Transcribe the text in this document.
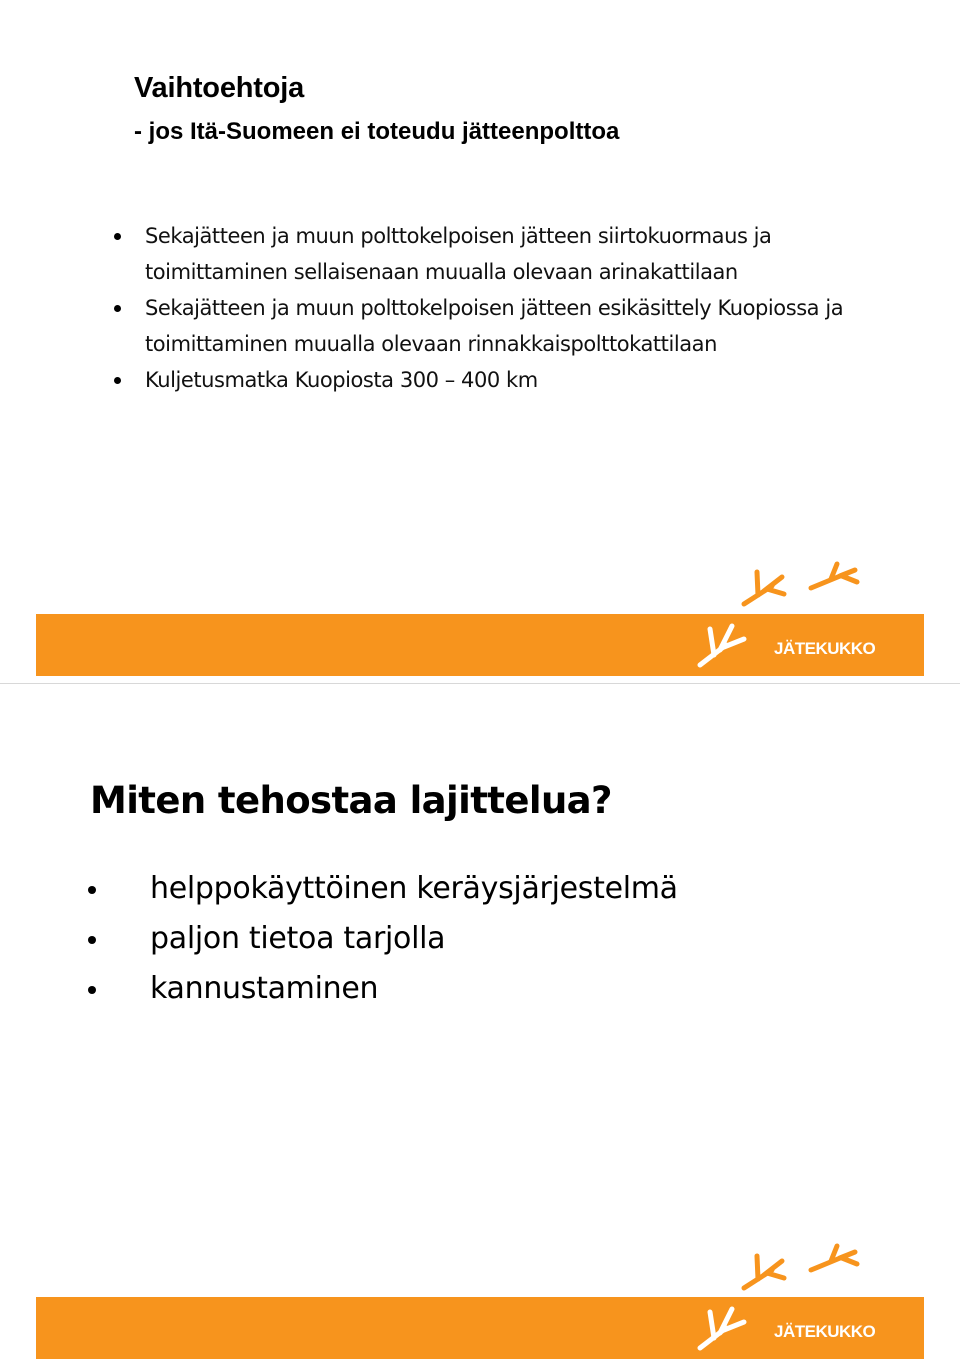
Vaihtoehtoja
- jos Itä-Suomeen ei toteudu jätteenpolttoa
Sekajätteen ja muun polttokelpoisen jätteen siirtokuormaus ja toimittaminen sellaisenaan muualla olevaan arinakattilaan
Sekajätteen ja muun polttokelpoisen jätteen esikäsittely Kuopiossa ja toimittaminen muualla olevaan rinnakkaispolttokattilaan
Kuljetusmatka Kuopiosta 300 – 400 km
JÄTEKUKKO
Miten tehostaa lajittelua?
helppokäyttöinen keräysjärjestelmä
paljon tietoa tarjolla
kannustaminen
JÄTEKUKKO
